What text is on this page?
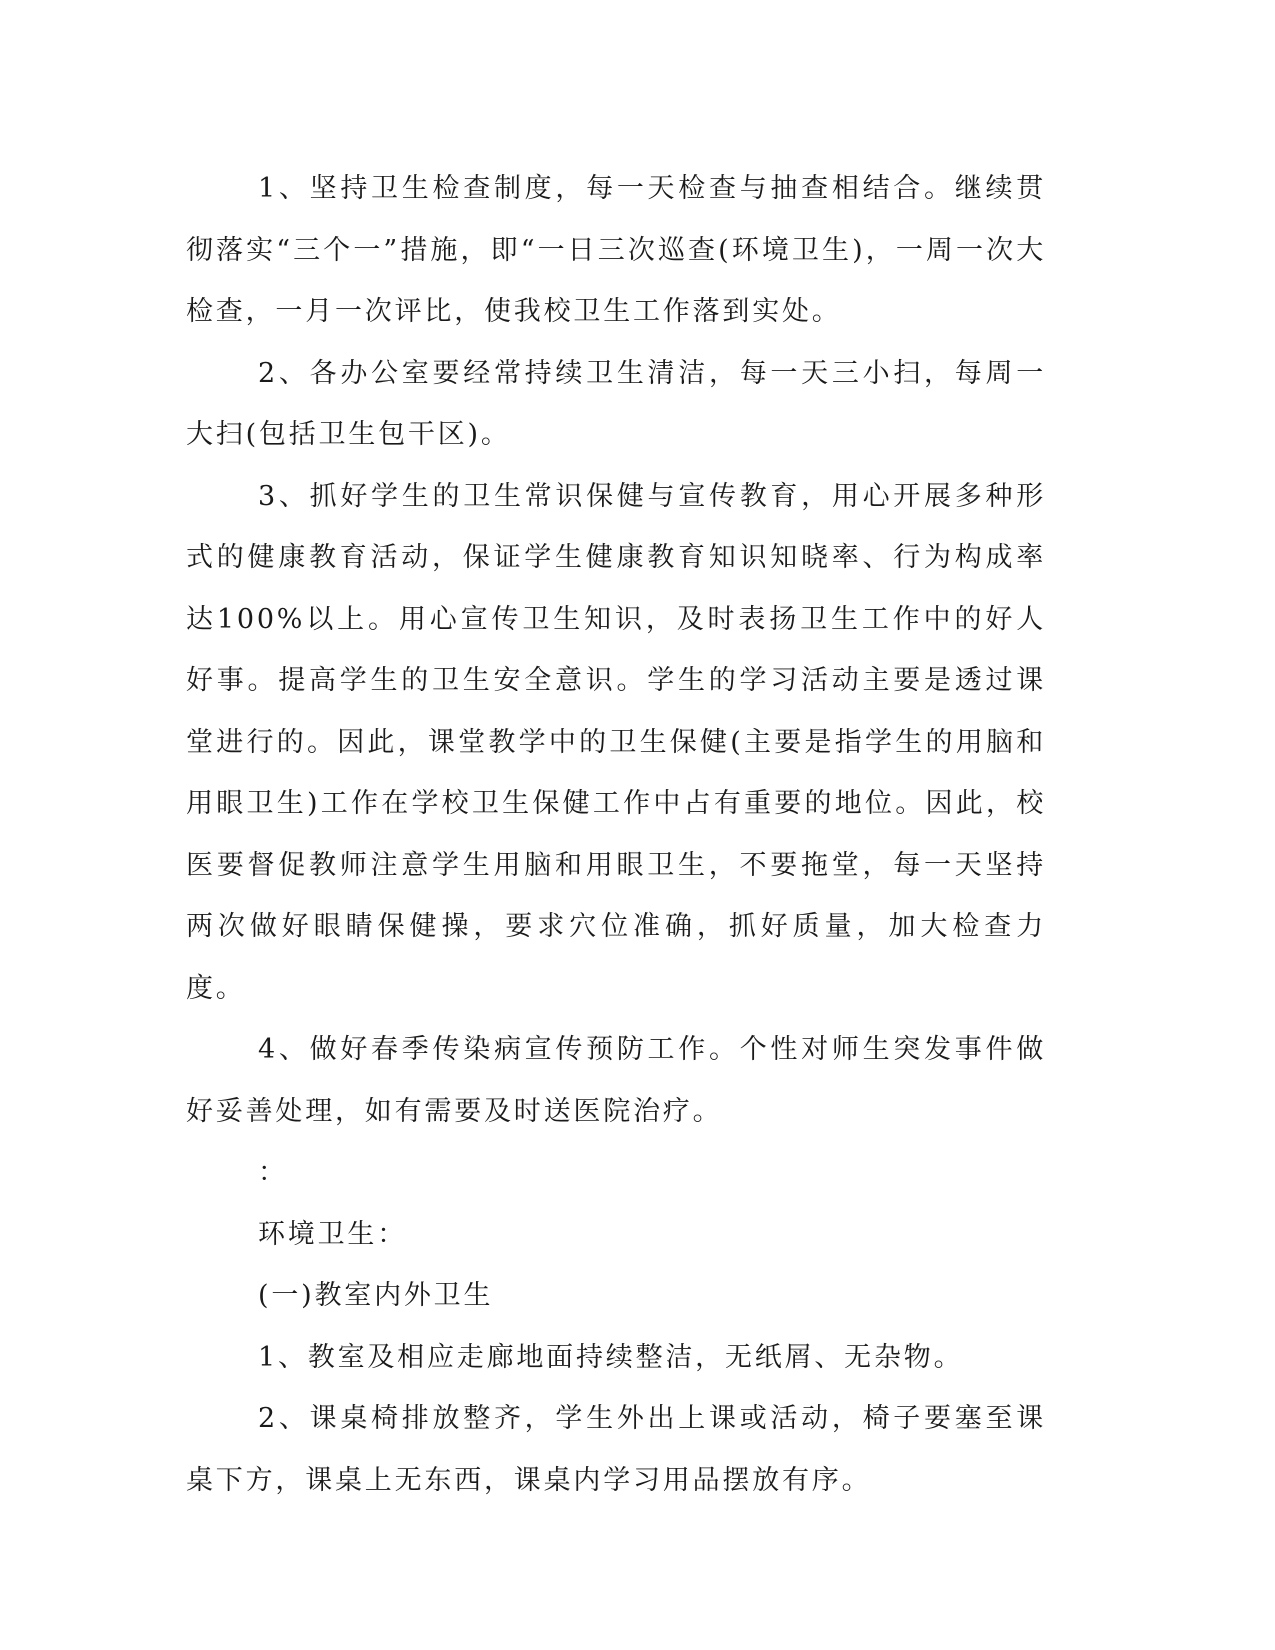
1、坚持卫生检查制度，每一天检查与抽查相结合。继续贯彻落实“三个一”措施，即“一日三次巡查(环境卫生)，一周一次大检查，一月一次评比，使我校卫生工作落到实处。

2、各办公室要经常持续卫生清洁，每一天三小扫，每周一大扫(包括卫生包干区)。

3、抓好学生的卫生常识保健与宣传教育，用心开展多种形式的健康教育活动，保证学生健康教育知识知晓率、行为构成率达100%以上。用心宣传卫生知识，及时表扬卫生工作中的好人好事。提高学生的卫生安全意识。学生的学习活动主要是透过课堂进行的。因此，课堂教学中的卫生保健(主要是指学生的用脑和用眼卫生)工作在学校卫生保健工作中占有重要的地位。因此，校医要督促教师注意学生用脑和用眼卫生，不要拖堂，每一天坚持两次做好眼睛保健操，要求穴位准确，抓好质量，加大检查力度。

4、做好春季传染病宣传预防工作。个性对师生突发事件做好妥善处理，如有需要及时送医院治疗。

：

环境卫生：

(一)教室内外卫生

1、教室及相应走廊地面持续整洁，无纸屑、无杂物。

2、课桌椅排放整齐，学生外出上课或活动，椅子要塞至课桌下方，课桌上无东西，课桌内学习用品摆放有序。
